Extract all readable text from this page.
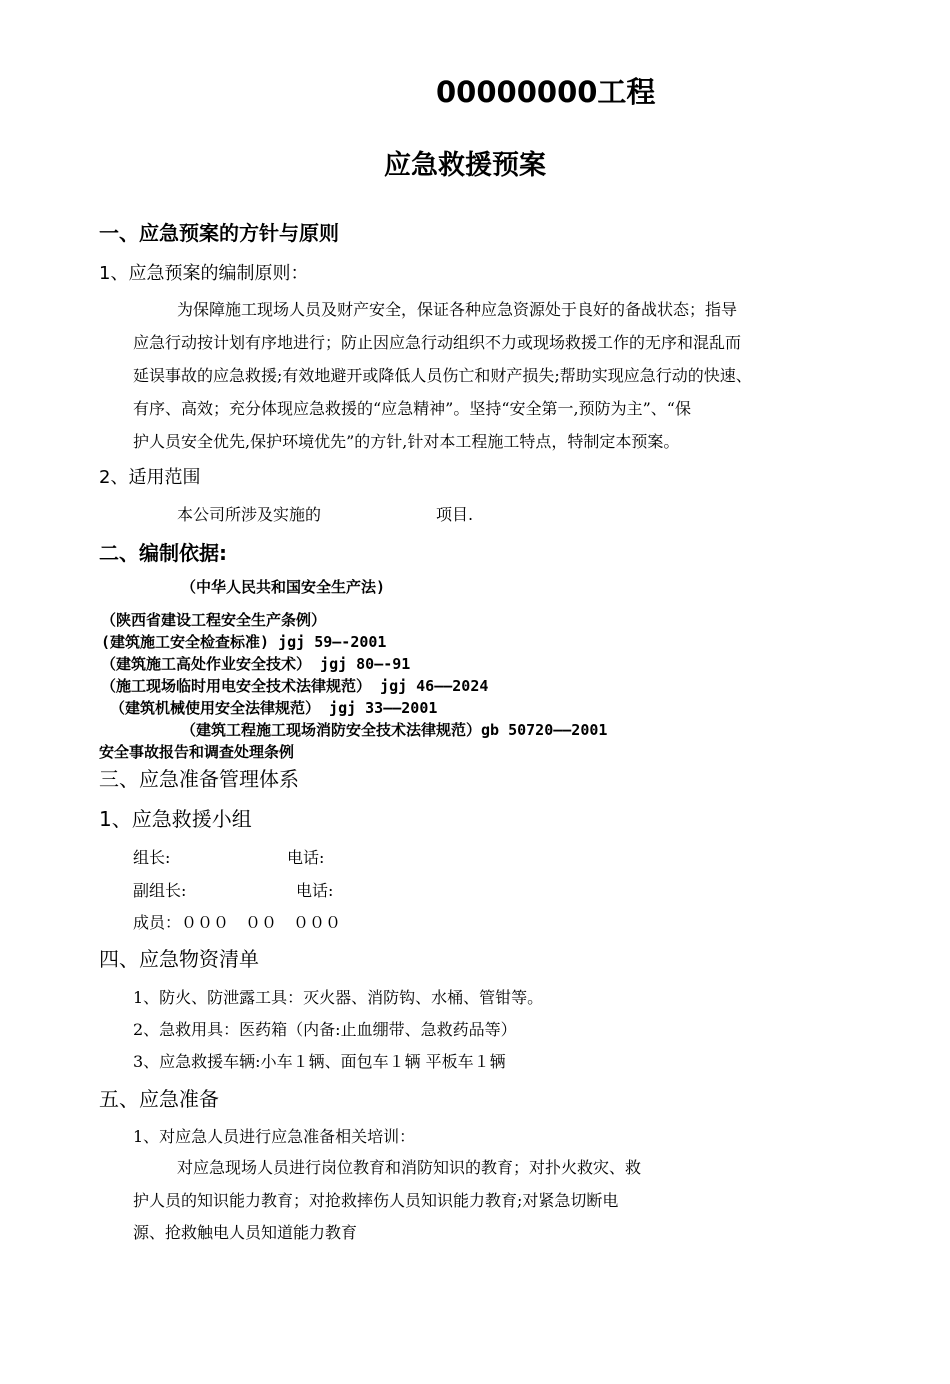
00000000工程
应急救援预案
一、应急预案的方针与原则
1、应急预案的编制原则：
为保障施工现场人员及财产安全，保证各种应急资源处于良好的备战状态；指导
应急行动按计划有序地进行；防止因应急行动组织不力或现场救援工作的无序和混乱而
延误事故的应急救援;有效地避开或降低人员伤亡和财产损失;帮助实现应急行动的快速、
有序、高效；充分体现应急救援的“应急精神”。坚持“安全第一,预防为主”、“保
护人员安全优先,保护环境优先”的方针,针对本工程施工特点，特制定本预案。
2、适用范围
本公司所涉及实施的	项目.
二、编制依据:
（中华人民共和国安全生产法)
（陕西省建设工程安全生产条例）
(建筑施工安全检查标准) jgj 59—-2001
（建筑施工高处作业安全技术） jgj 80—-91
（施工现场临时用电安全技术法律规范） jgj 46——2024
（建筑机械使用安全法律规范） jgj 33——2001
（建筑工程施工现场消防安全技术法律规范）gb 50720——2001
安全事故报告和调查处理条例
三、应急准备管理体系
1、应急救援小组
组长:	电话:
副组长:	电话:
成员：０００　００　０００
四、应急物资清单
1、防火、防泄露工具：灭火器、消防钩、水桶、管钳等。
2、急救用具：医药箱（内备:止血绷带、急救药品等）
3、应急救援车辆:小车１辆、面包车１辆 平板车１辆
五、应急准备
1、对应急人员进行应急准备相关培训：
对应急现场人员进行岗位教育和消防知识的教育；对扑火救灾、救
护人员的知识能力教育；对抢救摔伤人员知识能力教育;对紧急切断电
源、抢救触电人员知道能力教育
